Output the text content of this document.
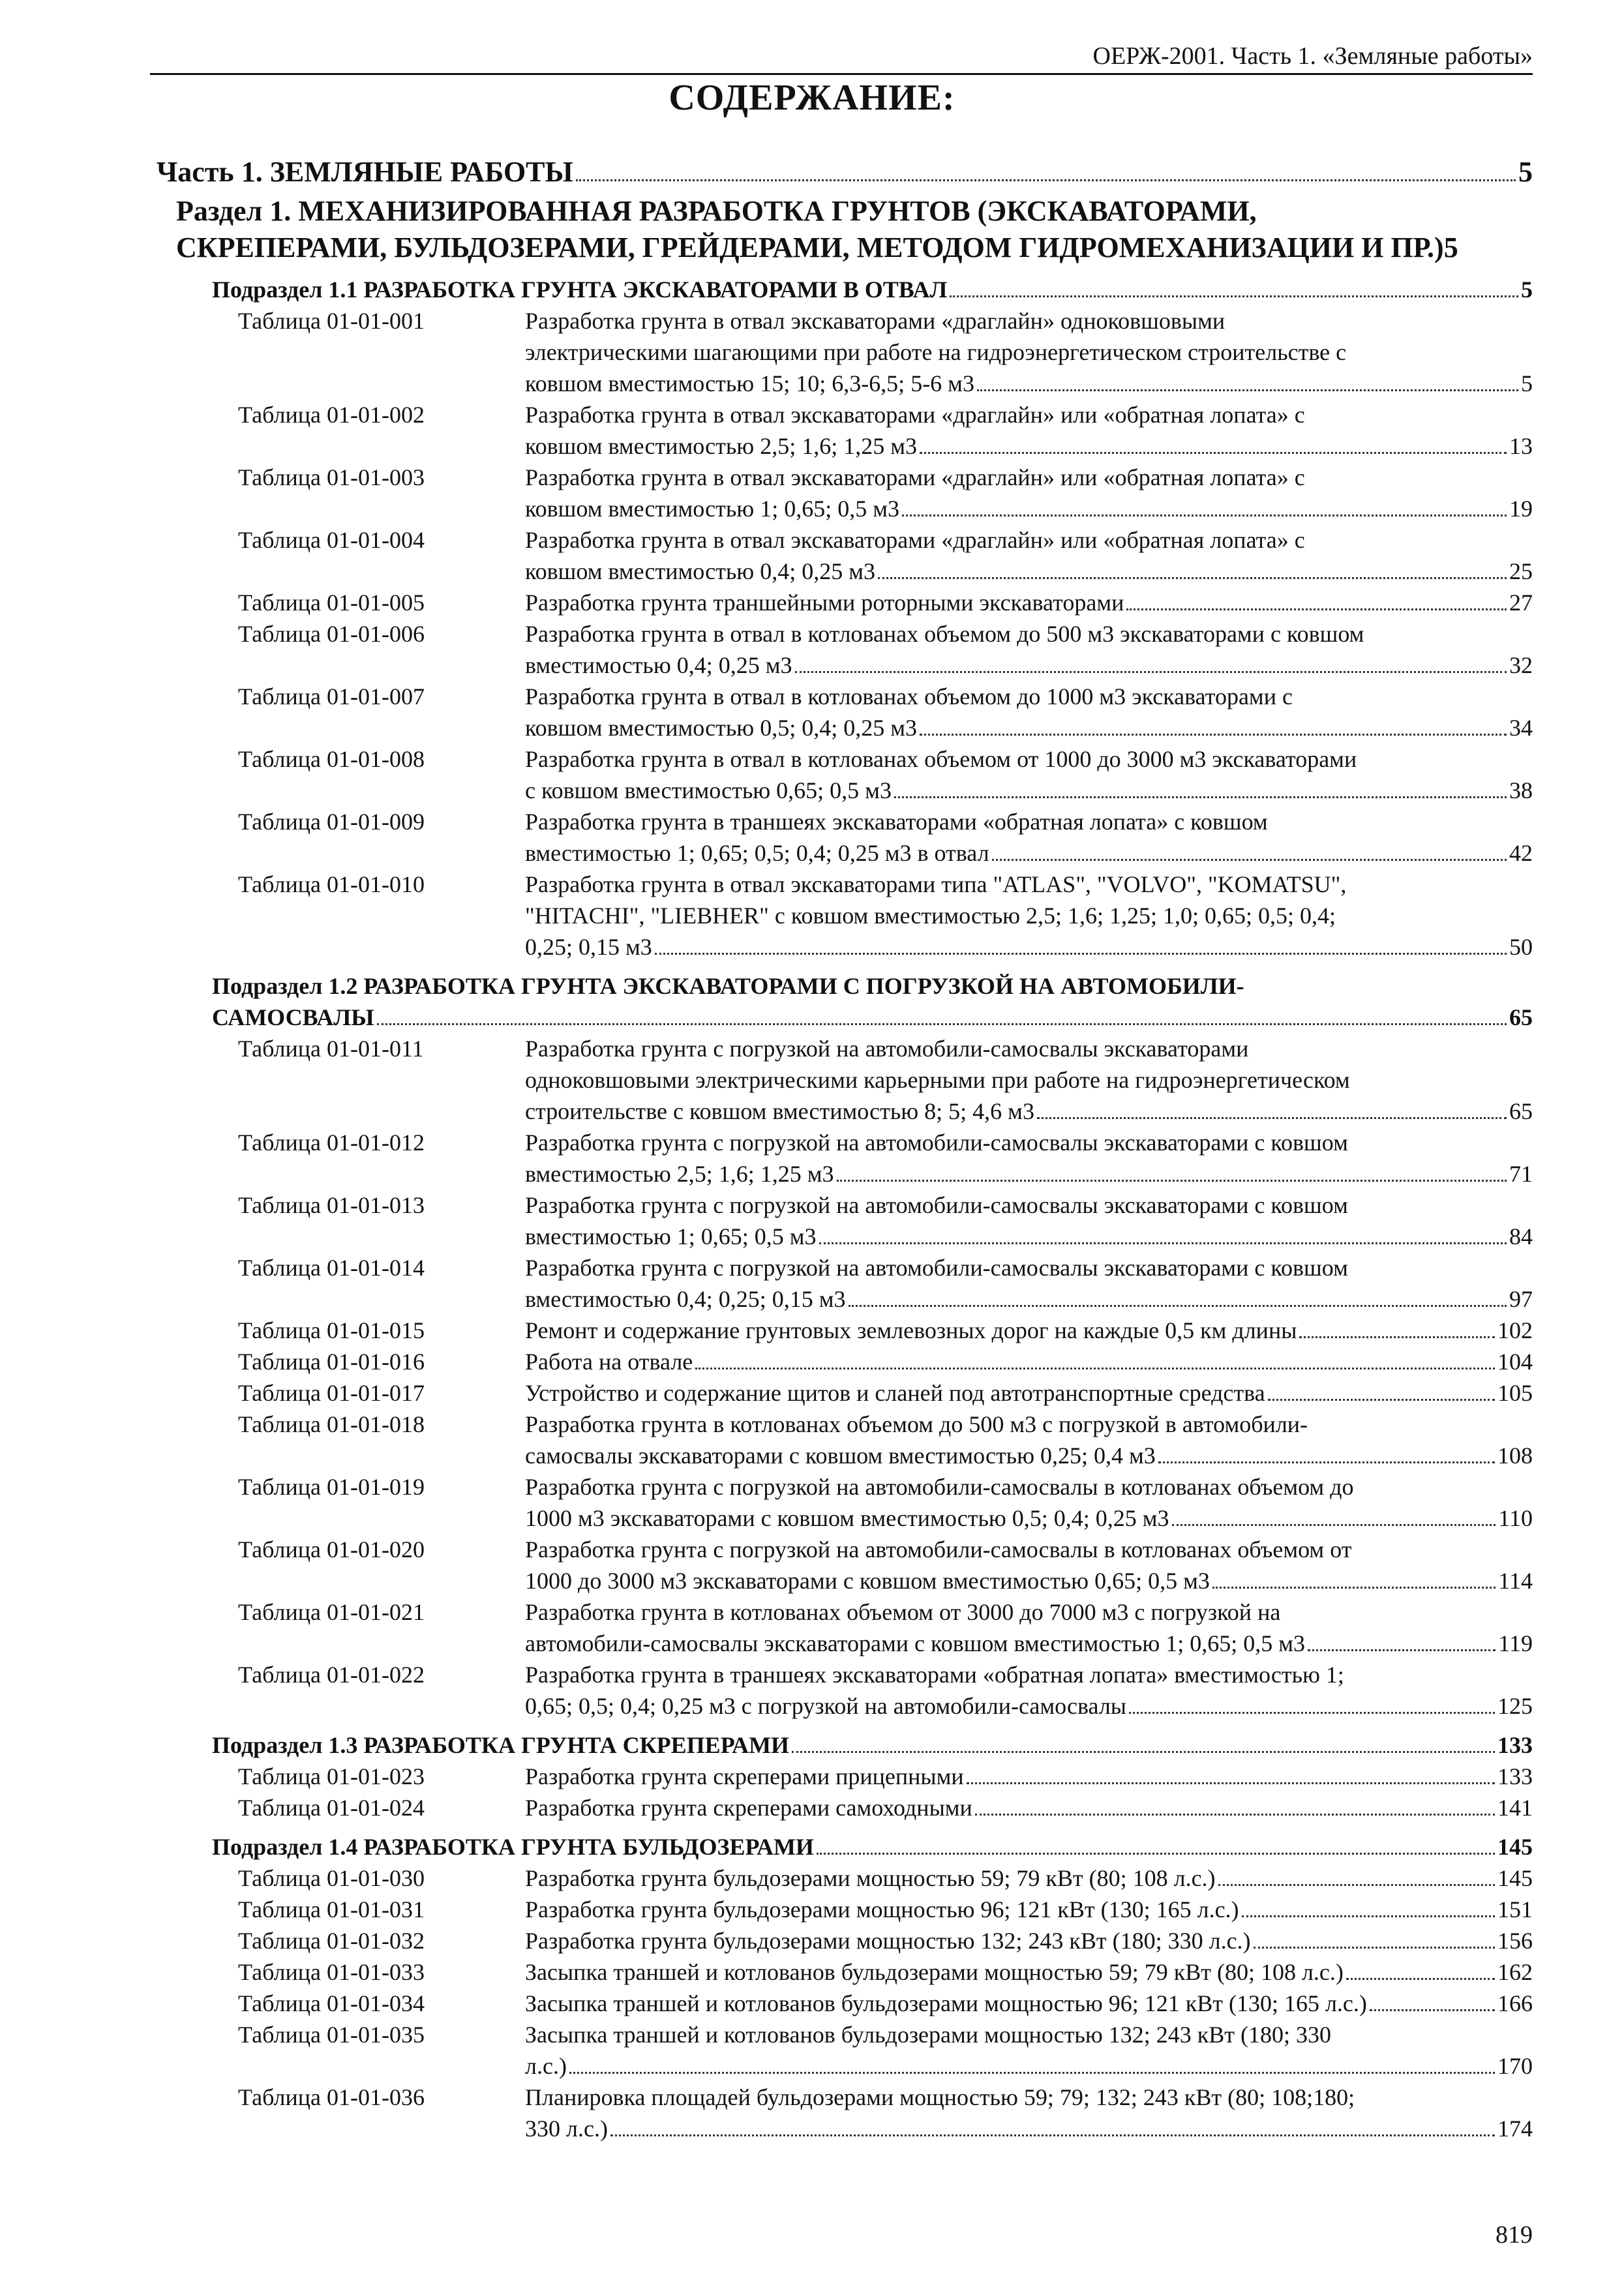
ОЕРЖ-2001. Часть 1. «Земляные работы»
СОДЕРЖАНИЕ:
Часть 1. ЗЕМЛЯНЫЕ РАБОТЫ	5
Раздел 1. МЕХАНИЗИРОВАННАЯ РАЗРАБОТКА ГРУНТОВ (ЭКСКАВАТОРАМИ,
СКРЕПЕРАМИ, БУЛЬДОЗЕРАМИ, ГРЕЙДЕРАМИ, МЕТОДОМ ГИДРОМЕХАНИЗАЦИИ И ПР.) 5
Подраздел 1.1 РАЗРАБОТКА ГРУНТА ЭКСКАВАТОРАМИ В ОТВАЛ	5
Таблица 01-01-001	Разработка грунта в отвал экскаваторами «драглайн» одноковшовыми
электрическими шагающими при работе на гидроэнергетическом строительстве с
ковшом вместимостью 15; 10; 6,3-6,5; 5-6 м3	5
Таблица 01-01-002	Разработка грунта в отвал экскаваторами «драглайн» или «обратная лопата» с
ковшом вместимостью 2,5; 1,6; 1,25 м3	13
Таблица 01-01-003	Разработка грунта в отвал экскаваторами «драглайн» или «обратная лопата» с
ковшом вместимостью 1; 0,65; 0,5 м3	19
Таблица 01-01-004	Разработка грунта в отвал экскаваторами «драглайн» или «обратная лопата» с
ковшом вместимостью 0,4; 0,25 м3	25
Таблица 01-01-005	Разработка грунта траншейными роторными экскаваторами	27
Таблица 01-01-006	Разработка грунта в отвал в котлованах объемом до 500 м3 экскаваторами с ковшом
вместимостью 0,4; 0,25 м3	32
Таблица 01-01-007	Разработка грунта в отвал в котлованах объемом до 1000 м3 экскаваторами с
ковшом вместимостью 0,5; 0,4; 0,25 м3	34
Таблица 01-01-008	Разработка грунта в отвал в котлованах объемом от 1000 до 3000 м3 экскаваторами
с ковшом вместимостью 0,65; 0,5 м3	38
Таблица 01-01-009	Разработка грунта в траншеях экскаваторами «обратная лопата» с ковшом
вместимостью 1; 0,65; 0,5; 0,4; 0,25 м3 в отвал	42
Таблица 01-01-010	Разработка грунта в отвал экскаваторами типа "ATLAS", "VOLVO", "KOMATSU",
"HITACHI", "LIEBHER" с ковшом вместимостью 2,5; 1,6; 1,25; 1,0; 0,65; 0,5; 0,4;
0,25; 0,15 м3	50
Подраздел 1.2 РАЗРАБОТКА ГРУНТА ЭКСКАВАТОРАМИ С ПОГРУЗКОЙ НА АВТОМОБИЛИ-
САМОСВАЛЫ	65
Таблица 01-01-011	Разработка грунта с погрузкой на автомобили-самосвалы экскаваторами
одноковшовыми электрическими карьерными при работе на гидроэнергетическом
строительстве с ковшом вместимостью 8; 5; 4,6 м3	65
Таблица 01-01-012	Разработка грунта с погрузкой на автомобили-самосвалы экскаваторами с ковшом
вместимостью 2,5; 1,6; 1,25 м3	71
Таблица 01-01-013	Разработка грунта с погрузкой на автомобили-самосвалы экскаваторами с ковшом
вместимостью 1; 0,65; 0,5 м3	84
Таблица 01-01-014	Разработка грунта с погрузкой на автомобили-самосвалы экскаваторами с ковшом
вместимостью 0,4; 0,25; 0,15 м3	97
Таблица 01-01-015	Ремонт и содержание грунтовых землевозных дорог на каждые 0,5 км длины	102
Таблица 01-01-016	Работа на отвале	104
Таблица 01-01-017	Устройство и содержание щитов и сланей под автотранспортные средства	105
Таблица 01-01-018	Разработка грунта в котлованах объемом до 500 м3 с погрузкой в автомобили-
самосвалы экскаваторами с ковшом вместимостью 0,25; 0,4 м3	108
Таблица 01-01-019	Разработка грунта с погрузкой на автомобили-самосвалы в котлованах объемом до
1000 м3 экскаваторами с ковшом вместимостью 0,5; 0,4; 0,25 м3	110
Таблица 01-01-020	Разработка грунта с погрузкой на автомобили-самосвалы в котлованах объемом от
1000 до 3000 м3 экскаваторами с ковшом вместимостью 0,65; 0,5 м3	114
Таблица 01-01-021	Разработка грунта в котлованах объемом от 3000 до 7000 м3 с погрузкой на
автомобили-самосвалы экскаваторами с ковшом вместимостью 1; 0,65; 0,5 м3	119
Таблица 01-01-022	Разработка грунта в траншеях экскаваторами «обратная лопата» вместимостью 1;
0,65; 0,5; 0,4; 0,25 м3 с погрузкой на автомобили-самосвалы	125
Подраздел 1.3 РАЗРАБОТКА ГРУНТА СКРЕПЕРАМИ	133
Таблица 01-01-023	Разработка грунта скреперами прицепными	133
Таблица 01-01-024	Разработка грунта скреперами самоходными	141
Подраздел 1.4 РАЗРАБОТКА ГРУНТА БУЛЬДОЗЕРАМИ	145
Таблица 01-01-030	Разработка грунта бульдозерами мощностью 59; 79 кВт (80; 108 л.с.)	145
Таблица 01-01-031	Разработка грунта бульдозерами мощностью 96; 121 кВт (130; 165 л.с.)	151
Таблица 01-01-032	Разработка грунта бульдозерами мощностью 132; 243 кВт (180; 330 л.с.)	156
Таблица 01-01-033	Засыпка траншей и котлованов бульдозерами мощностью 59; 79 кВт (80; 108 л.с.)	162
Таблица 01-01-034	Засыпка траншей и котлованов бульдозерами мощностью 96; 121 кВт (130; 165 л.с.)	166
Таблица 01-01-035	Засыпка траншей и котлованов бульдозерами мощностью 132; 243 кВт (180; 330
л.с.)	170
Таблица 01-01-036	Планировка площадей бульдозерами мощностью 59; 79; 132; 243 кВт (80; 108;180;
330 л.с.)	174
819
